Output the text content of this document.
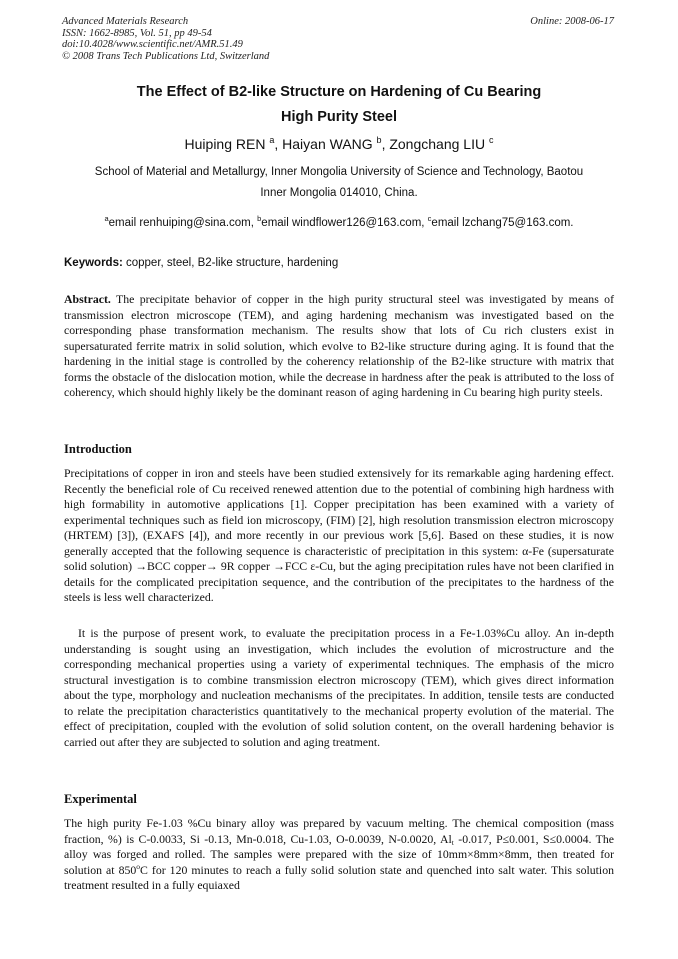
Advanced Materials Research
ISSN: 1662-8985, Vol. 51, pp 49-54
doi:10.4028/www.scientific.net/AMR.51.49
© 2008 Trans Tech Publications Ltd, Switzerland
Online: 2008-06-17
The Effect of B2-like Structure on Hardening of Cu Bearing
High Purity Steel
Huiping REN $^a$, Haiyan WANG $^b$, Zongchang LIU $^c$
School of Material and Metallurgy, Inner Mongolia University of Science and Technology, Baotou
Inner Mongolia 014010, China.
$^a$email renhuiping@sina.com, $^b$email windflower126@163.com, $^c$email lzchang75@163.com.
Keywords: copper, steel, B2-like structure, hardening
Abstract. The precipitate behavior of copper in the high purity structural steel was investigated by means of transmission electron microscope (TEM), and aging hardening mechanism was investigated based on the corresponding phase transformation mechanism. The results show that lots of Cu rich clusters exist in supersaturated ferrite matrix in solid solution, which evolve to B2-like structure during aging. It is found that the hardening in the initial stage is controlled by the coherency relationship of the B2-like structure with matrix that forms the obstacle of the dislocation motion, while the decrease in hardness after the peak is attributed to the loss of coherency, which should highly likely be the dominant reason of aging hardening in Cu bearing high purity steels.
Introduction
Precipitations of copper in iron and steels have been studied extensively for its remarkable aging hardening effect. Recently the beneficial role of Cu received renewed attention due to the potential of combining high hardness with high formability in automotive applications [1]. Copper precipitation has been examined with a variety of experimental techniques such as field ion microscopy, (FIM) [2], high resolution transmission electron microscopy (HRTEM) [3]), (EXAFS [4]), and more recently in our previous work [5,6]. Based on these studies, it is now generally accepted that the following sequence is characteristic of precipitation in this system: α-Fe (supersaturate solid solution) →BCC copper→ 9R copper →FCC ε-Cu, but the aging precipitation rules have not been clarified in details for the complicated precipitation sequence, and the contribution of the precipitates to the hardness of the steels is less well characterized.
It is the purpose of present work, to evaluate the precipitation process in a Fe-1.03%Cu alloy. An in-depth understanding is sought using an investigation, which includes the evolution of microstructure and the corresponding mechanical properties using a variety of experimental techniques. The emphasis of the micro structural investigation is to combine transmission electron microscopy (TEM), which gives direct information about the type, morphology and nucleation mechanisms of the precipitates. In addition, tensile tests are conducted to relate the precipitation characteristics quantitatively to the mechanical property evolution of the material. The effect of precipitation, coupled with the evolution of solid solution content, on the overall hardening behavior is carried out after they are subjected to solution and aging treatment.
Experimental
The high purity Fe-1.03 %Cu binary alloy was prepared by vacuum melting. The chemical composition (mass fraction, %) is C-0.0033, Si -0.13, Mn-0.018, Cu-1.03, O-0.0039, N-0.0020, $Al_t$ -0.017, P≤0.001, S≤0.0004. The alloy was forged and rolled. The samples were prepared with the size of 10mm×8mm×8mm, then treated for solution at 850$^o$C for 120 minutes to reach a fully solid solution state and quenched into salt water. This solution treatment resulted in a fully equiaxed
